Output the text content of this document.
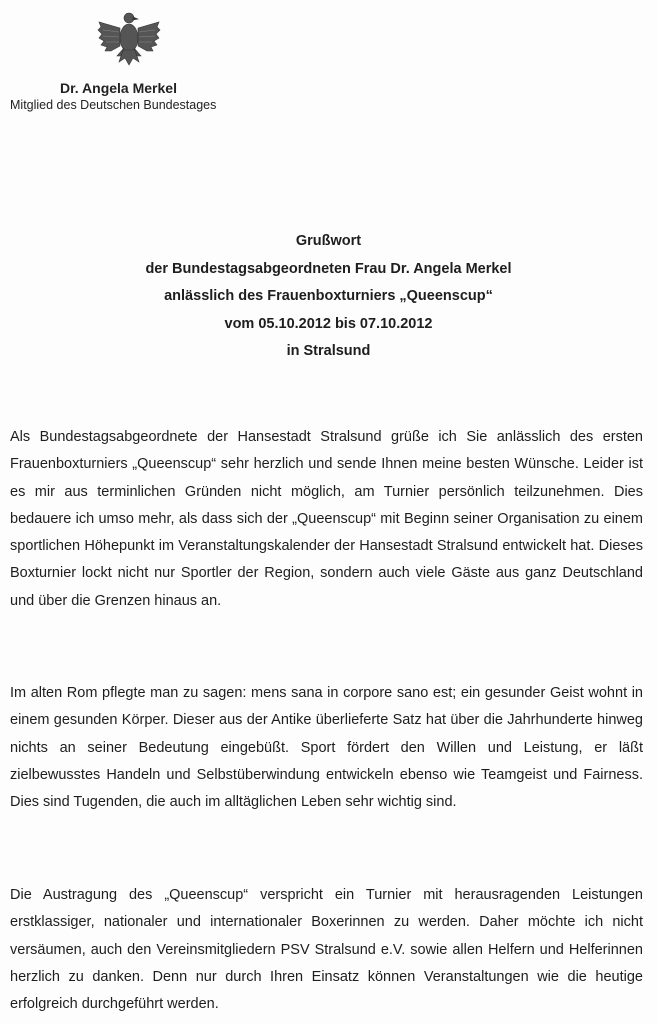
Dr. Angela Merkel
Mitglied des Deutschen Bundestages
Grußwort
der Bundestagsabgeordneten Frau Dr. Angela Merkel
anlässlich des Frauenboxturniers „Queenscup“
vom 05.10.2012 bis 07.10.2012
in Stralsund
Als Bundestagsabgeordnete der Hansestadt Stralsund grüße ich Sie anlässlich des ersten Frauenboxturniers „Queenscup“ sehr herzlich und sende Ihnen meine besten Wünsche. Leider ist es mir aus terminlichen Gründen nicht möglich, am Turnier persönlich teilzunehmen. Dies bedauere ich umso mehr, als dass sich der „Queenscup“ mit Beginn seiner Organisation zu einem sportlichen Höhepunkt im Veranstaltungskalender der Hansestadt Stralsund entwickelt hat. Dieses Boxturnier lockt nicht nur Sportler der Region, sondern auch viele Gäste aus ganz Deutschland und über die Grenzen hinaus an.
Im alten Rom pflegte man zu sagen: mens sana in corpore sano est; ein gesunder Geist wohnt in einem gesunden Körper. Dieser aus der Antike überlieferte Satz hat über die Jahrhunderte hinweg nichts an seiner Bedeutung eingebüßt. Sport fördert den Willen und Leistung, er läßt zielbewusstes Handeln und Selbstüberwindung entwickeln ebenso wie Teamgeist und Fairness. Dies sind Tugenden, die auch im alltäglichen Leben sehr wichtig sind.
Die Austragung des „Queenscup“ verspricht ein Turnier mit herausragenden Leistungen erstklassiger, nationaler und internationaler Boxerinnen zu werden. Daher möchte ich nicht versäumen, auch den Vereinsmitgliedern PSV Stralsund e.V. sowie allen Helfern und Helferinnen herzlich zu danken. Denn nur durch Ihren Einsatz können Veranstaltungen wie die heutige erfolgreich durchgeführt werden.
